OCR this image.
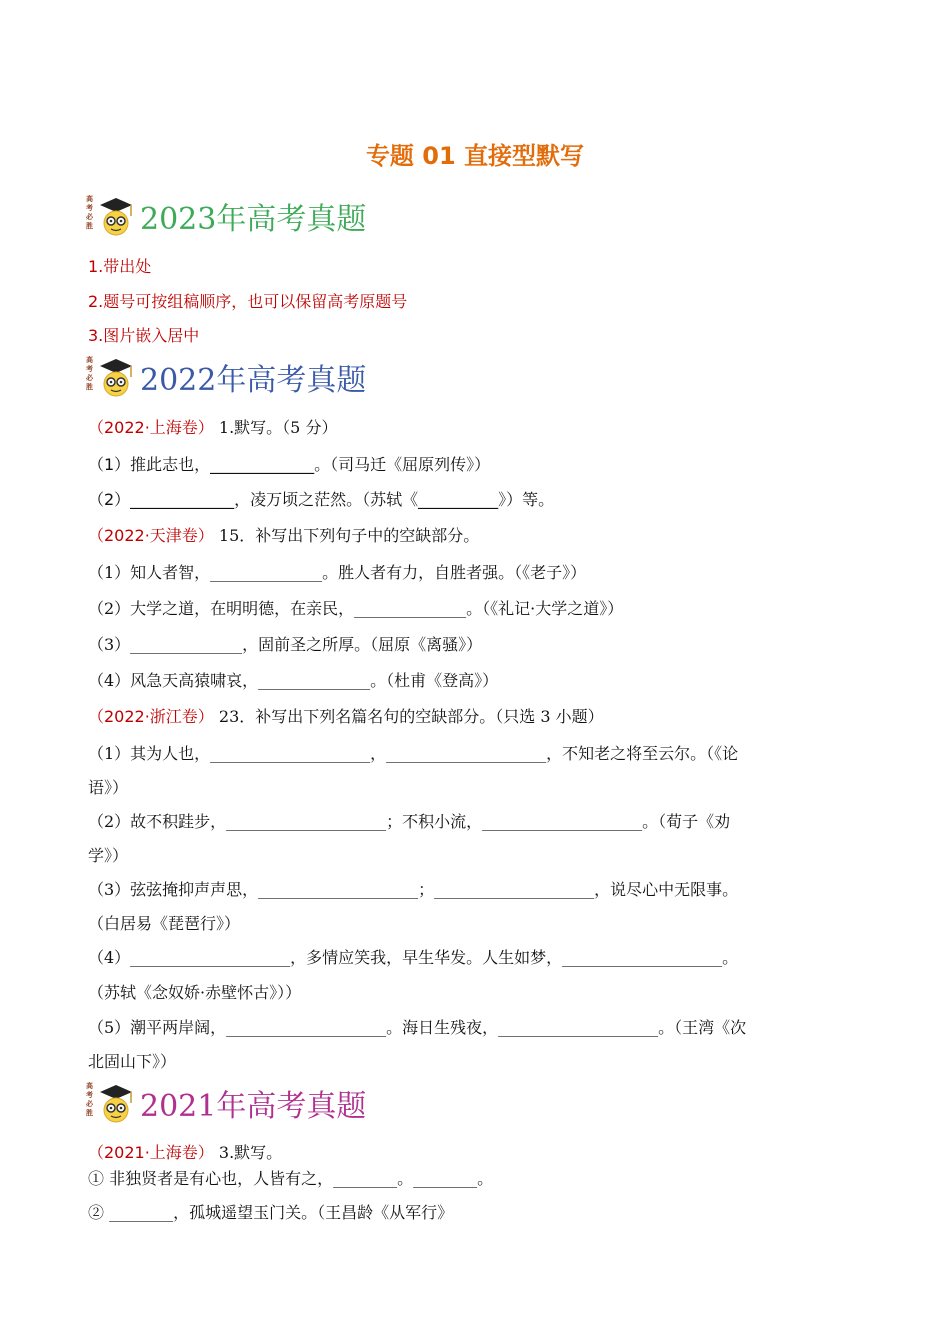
专题 01 直接型默写
高考必胜 2023年高考真题
1.带出处
2.题号可按组稿顺序，也可以保留高考原题号
3.图片嵌入居中
高考必胜 2022年高考真题
（2022·上海卷） 1.默写。（5 分）
（1）推此志也，_____________。（司马迁《屈原列传》）
（2）_____________，凌万顷之茫然。（苏轼《__________》）等。
（2022·天津卷） 15．补写出下列句子中的空缺部分。
（1）知人者智，______________。胜人者有力，自胜者强。（《老子》）
（2）大学之道，在明明德，在亲民，______________。（《礼记·大学之道》）
（3）______________，固前圣之所厚。（屈原《离骚》）
（4）风急天高猿啸哀，______________。（杜甫《登高》）
（2022·浙江卷） 23．补写出下列名篇名句的空缺部分。（只选 3 小题）
（1）其为人也，____________________，____________________，不知老之将至云尔。（《论
语》）
（2）故不积跬步，____________________；不积小流，____________________。（荀子《劝
学》）
（3）弦弦掩抑声声思，____________________；____________________，说尽心中无限事。
（白居易《琵琶行》）
（4）____________________，多情应笑我，早生华发。人生如梦，____________________。
（苏轼《念奴娇·赤壁怀古》））
（5）潮平两岸阔，____________________。海日生残夜，____________________。（王湾《次
北固山下》）
高考必胜 2021年高考真题
（2021·上海卷） 3.默写。
① 非独贤者是有心也，人皆有之，________。________。
② ________，孤城遥望玉门关。（王昌龄《从军行》
